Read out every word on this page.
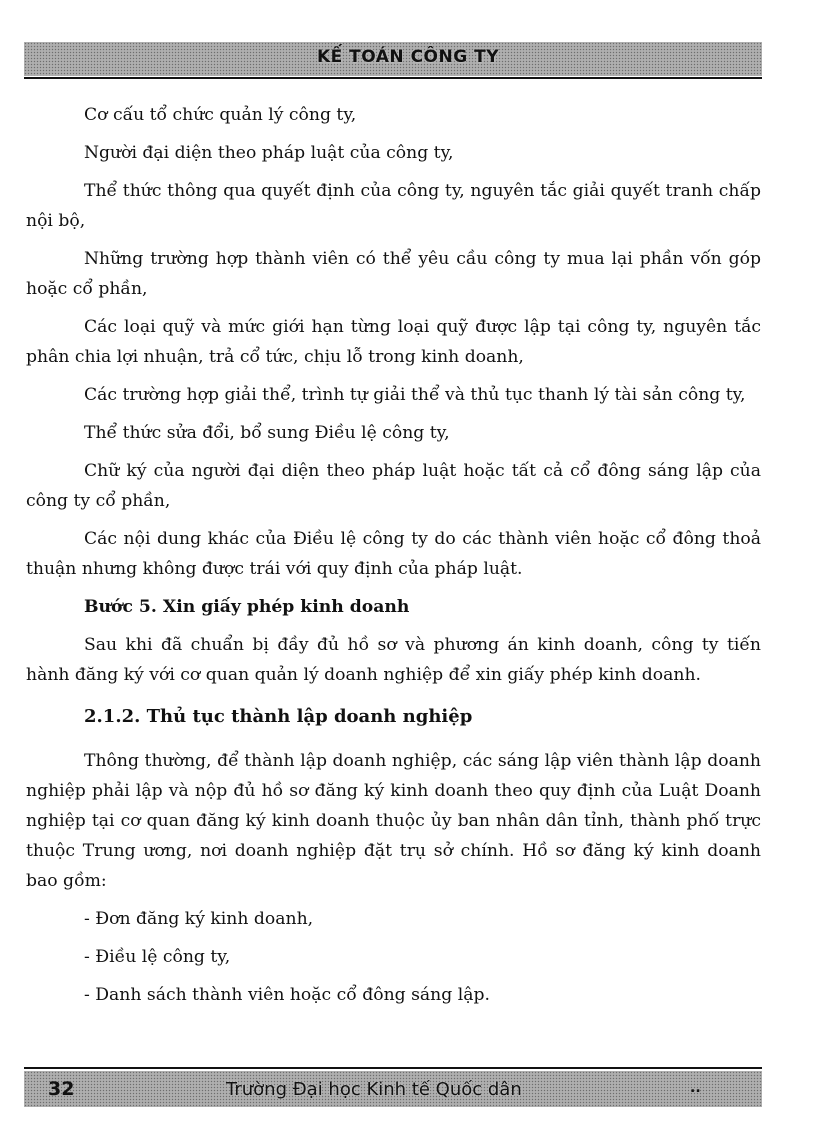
KẾ TOÁN CÔNG TY

Cơ cấu tổ chức quản lý công ty,

Người đại diện theo pháp luật của công ty,

Thể thức thông qua quyết định của công ty, nguyên tắc giải quyết tranh chấp nội bộ,

Những trường hợp thành viên có thể yêu cầu công ty mua lại phần vốn góp hoặc cổ phần,

Các loại quỹ và mức giới hạn từng loại quỹ được lập tại công ty, nguyên tắc phân chia lợi nhuận, trả cổ tức, chịu lỗ trong kinh doanh,

Các trường hợp giải thể, trình tự giải thể và thủ tục thanh lý tài sản công ty,

Thể thức sửa đổi, bổ sung Điều lệ công ty,

Chữ ký của người đại diện theo pháp luật hoặc tất cả cổ đông sáng lập của công ty cổ phần,

Các nội dung khác của Điều lệ công ty do các thành viên hoặc cổ đông thoả thuận nhưng không được trái với quy định của pháp luật.

Bước 5. Xin giấy phép kinh doanh

Sau khi đã chuẩn bị đầy đủ hồ sơ và phương án kinh doanh, công ty tiến hành đăng ký với cơ quan quản lý doanh nghiệp để xin giấy phép kinh doanh.

2.1.2. Thủ tục thành lập doanh nghiệp

Thông thường, để thành lập doanh nghiệp, các sáng lập viên thành lập doanh nghiệp phải lập và nộp đủ hồ sơ đăng ký kinh doanh theo quy định của Luật Doanh nghiệp tại cơ quan đăng ký kinh doanh thuộc ủy ban nhân dân tỉnh, thành phố trực thuộc Trung ương, nơi doanh nghiệp đặt trụ sở chính. Hồ sơ đăng ký kinh doanh bao gồm:

- Đơn đăng ký kinh doanh,

- Điều lệ công ty,

- Danh sách thành viên hoặc cổ đông sáng lập.

32	Trường Đại học Kinh tế Quốc dân	..
